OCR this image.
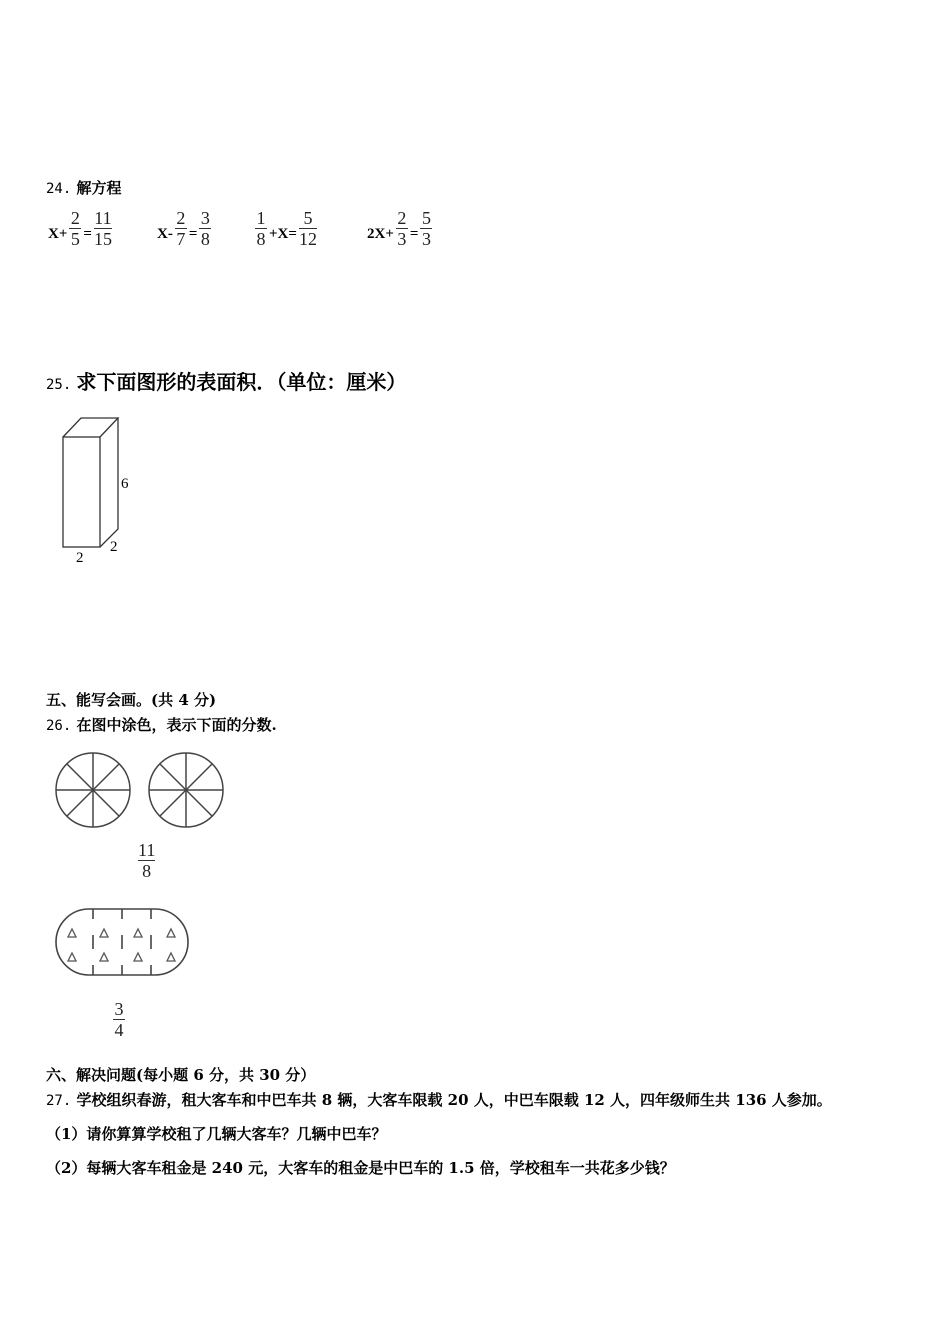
24. 解方程
$X+ \frac{2}{5} = \frac{11}{15}$	$X- \frac{2}{7} = \frac{3}{8} \frac{1}{8} +X= \frac{5}{12}$	$2X+ \frac{2}{3} = \frac{5}{3}$
25. 求下面图形的表面积．（单位：厘米）
6
2
2
五、能写会画。(共 4 分)
26. 在图中涂色，表示下面的分数.
$\frac{11}{8}$
$\frac{3}{4}$
六、解决问题(每小题 6 分，共 30 分）
27. 学校组织春游，租大客车和中巴车共 8 辆，大客车限载 20 人，中巴车限载 12 人，四年级师生共 136 人参加。
（1）请你算算学校租了几辆大客车？几辆中巴车？
（2）每辆大客车租金是 240 元，大客车的租金是中巴车的 1.5 倍，学校租车一共花多少钱？
